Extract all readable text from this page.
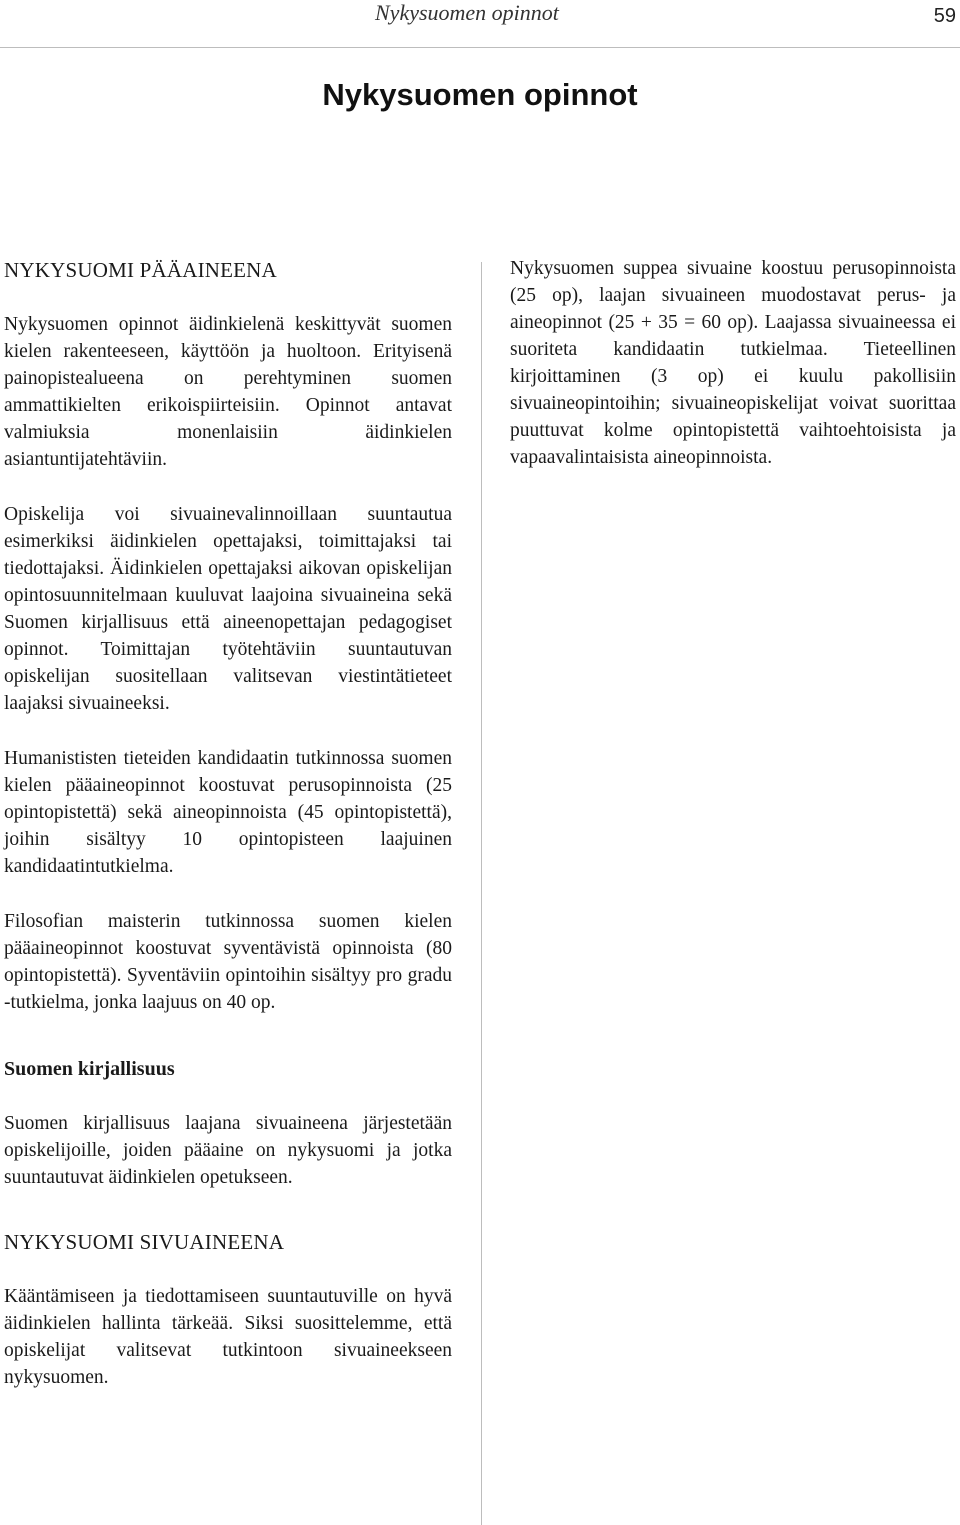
Nykysuomen opinnot	59
Nykysuomen opinnot
NYKYSUOMI PÄÄAINEENA

Nykysuomen opinnot äidinkielenä keskittyvät suomen kielen rakenteeseen, käyttöön ja huoltoon. Erityisenä painopistealueena on perehtyminen suomen ammattikielten erikoispiirteisiin. Opinnot antavat valmiuksia monenlaisiin äidinkielen asiantuntijatehtäviin.

Opiskelija voi sivuainevalinnoillaan suuntautua esimerkiksi äidinkielen opettajaksi, toimittajaksi tai tiedottajaksi. Äidinkielen opettajaksi aikovan opiskelijan opintosuunnitelmaan kuuluvat laajoina sivuaineina sekä Suomen kirjallisuus että aineenopettajan pedagogiset opinnot. Toimittajan työtehtäviin suuntautuvan opiskelijan suositellaan valitsevan viestintätieteet laajaksi sivuaineeksi.

Humanististen tieteiden kandidaatin tutkinnossa suomen kielen pääaineopinnot koostuvat perusopinnoista (25 opintopistettä) sekä aineopinnoista (45 opintopistettä), joihin sisältyy 10 opintopisteen laajuinen kandidaatintutkielma.

Filosofian maisterin tutkinnossa suomen kielen pääaineopinnot koostuvat syventävistä opinnoista (80 opintopistettä). Syventäviin opintoihin sisältyy pro gradu -tutkielma, jonka laajuus on 40 op.

Suomen kirjallisuus

Suomen kirjallisuus laajana sivuaineena järjestetään opiskelijoille, joiden pääaine on nykysuomi ja jotka suuntautuvat äidinkielen opetukseen.

NYKYSUOMI SIVUAINEENA

Kääntämiseen ja tiedottamiseen suuntautuville on hyvä äidinkielen hallinta tärkeää. Siksi suosittelemme, että opiskelijat valitsevat tutkintoon sivuaineekseen nykysuomen.

Nykysuomen suppea sivuaine koostuu perusopinnoista (25 op), laajan sivuaineen muodostavat perus- ja aineopinnot (25 + 35 = 60 op). Laajassa sivuaineessa ei suoriteta kandidaatin tutkielmaa. Tieteellinen kirjoittaminen (3 op) ei kuulu pakollisiin sivuaineopintoihin; sivuaineopiskelijat voivat suorittaa puuttuvat kolme opintopistettä vaihtoehtoisista ja vapaavalintaisista aineopinnoista.
